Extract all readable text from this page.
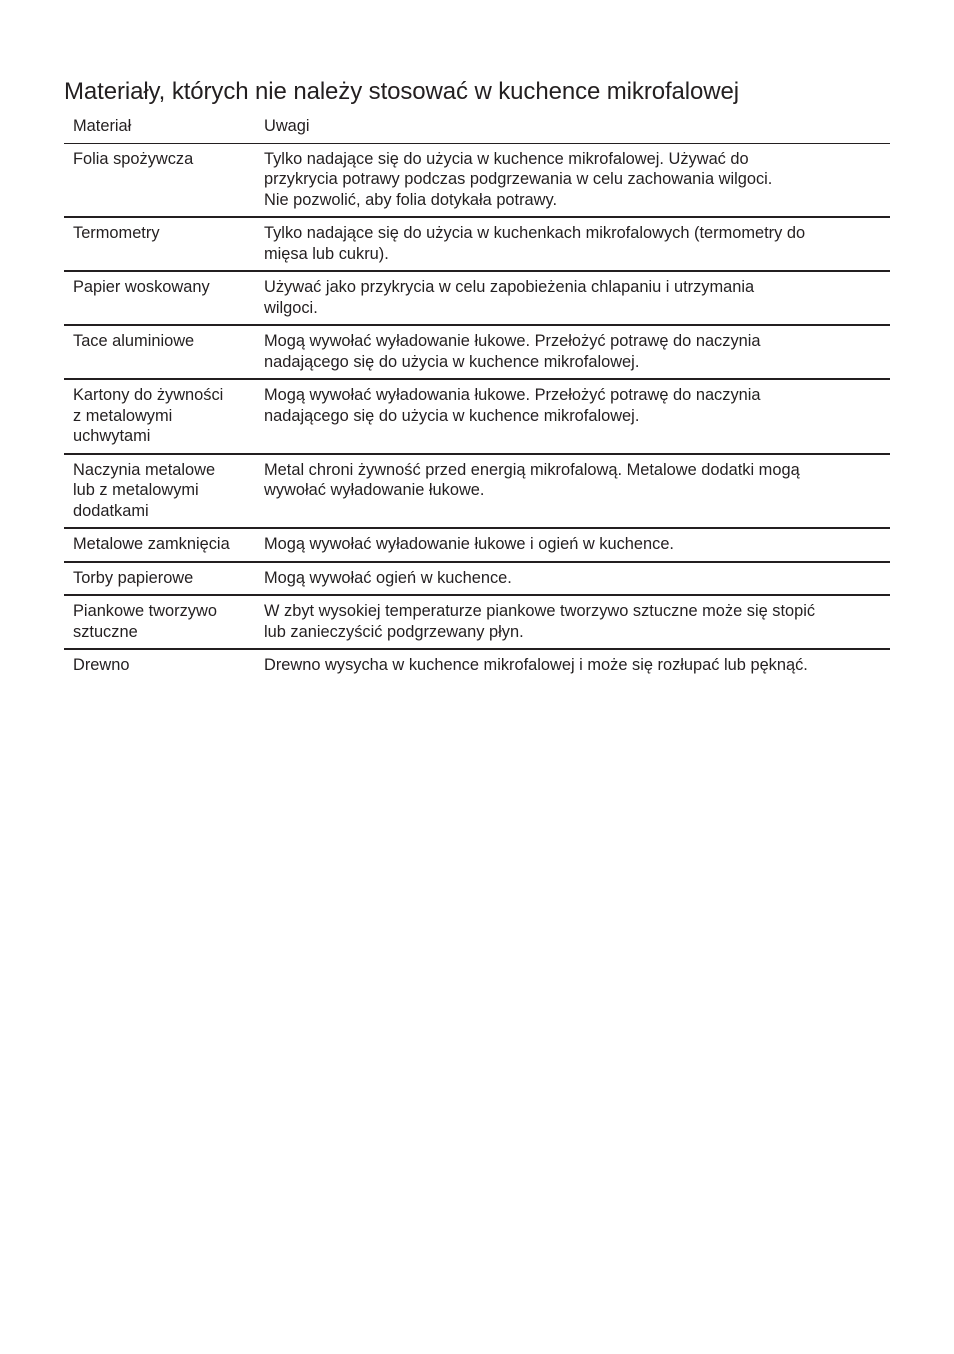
Materiały, których nie należy stosować w kuchence mikrofalowej
Materiał	Uwagi
Folia spożywcza	Tylko nadające się do użycia w kuchence mikrofalowej. Używać do
przykrycia potrawy podczas podgrzewania w celu zachowania wilgoci.
Nie pozwolić, aby folia dotykała potrawy.
Termometry	Tylko nadające się do użycia w kuchenkach mikrofalowych (termometry do
mięsa lub cukru).
Papier woskowany	Używać jako przykrycia w celu zapobieżenia chlapaniu i utrzymania
wilgoci.
Tace aluminiowe	Mogą wywołać wyładowanie łukowe. Przełożyć potrawę do naczynia
nadającego się do użycia w kuchence mikrofalowej.
Kartony do żywności
z metalowymi
uchwytami	Mogą wywołać wyładowania łukowe. Przełożyć potrawę do naczynia
nadającego się do użycia w kuchence mikrofalowej.
Naczynia metalowe
lub z metalowymi
dodatkami	Metal chroni żywność przed energią mikrofalową. Metalowe dodatki mogą
wywołać wyładowanie łukowe.
Metalowe zamknięcia	Mogą wywołać wyładowanie łukowe i ogień w kuchence.
Torby papierowe	Mogą wywołać ogień w kuchence.
Piankowe tworzywo
sztuczne	W zbyt wysokiej temperaturze piankowe tworzywo sztuczne może się stopić
lub zanieczyścić podgrzewany płyn.
Drewno	Drewno wysycha w kuchence mikrofalowej i może się rozłupać lub pęknąć.
